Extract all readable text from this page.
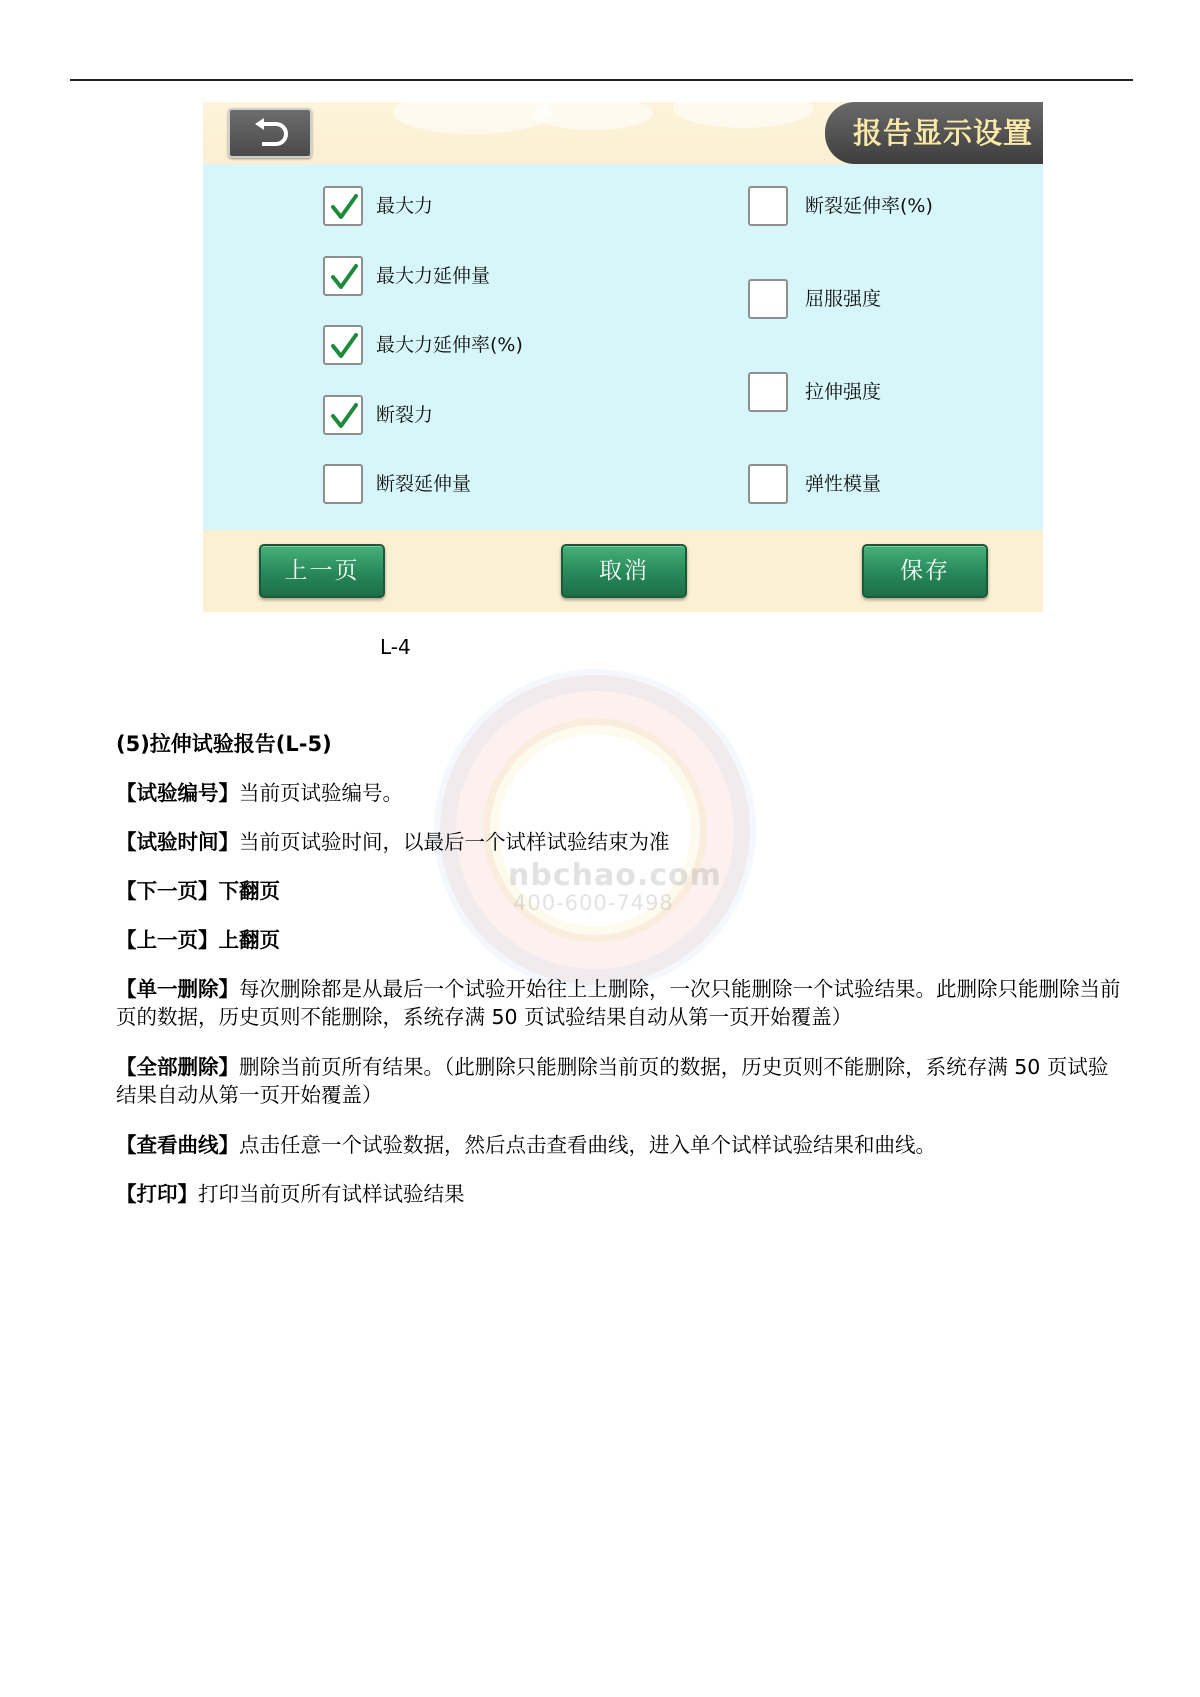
报告显示设置
最大力
最大力延伸量
最大力延伸率(%)
断裂力
断裂延伸量
断裂延伸率(%)
屈服强度
拉伸强度
弹性模量
上一页	取消	保存
L-4
nbchao.com
400-600-7498
(5)拉伸试验报告(L-5)
【试验编号】当前页试验编号。
【试验时间】当前页试验时间，以最后一个试样试验结束为准
【下一页】下翻页
【上一页】上翻页
【单一删除】每次删除都是从最后一个试验开始往上上删除，一次只能删除一个试验结果。此删除只能删除当前页的数据，历史页则不能删除，系统存满 50 页试验结果自动从第一页开始覆盖）
【全部删除】删除当前页所有结果。（此删除只能删除当前页的数据，历史页则不能删除，系统存满 50 页试验结果自动从第一页开始覆盖）
【查看曲线】点击任意一个试验数据，然后点击查看曲线，进入单个试样试验结果和曲线。
【打印】打印当前页所有试样试验结果
